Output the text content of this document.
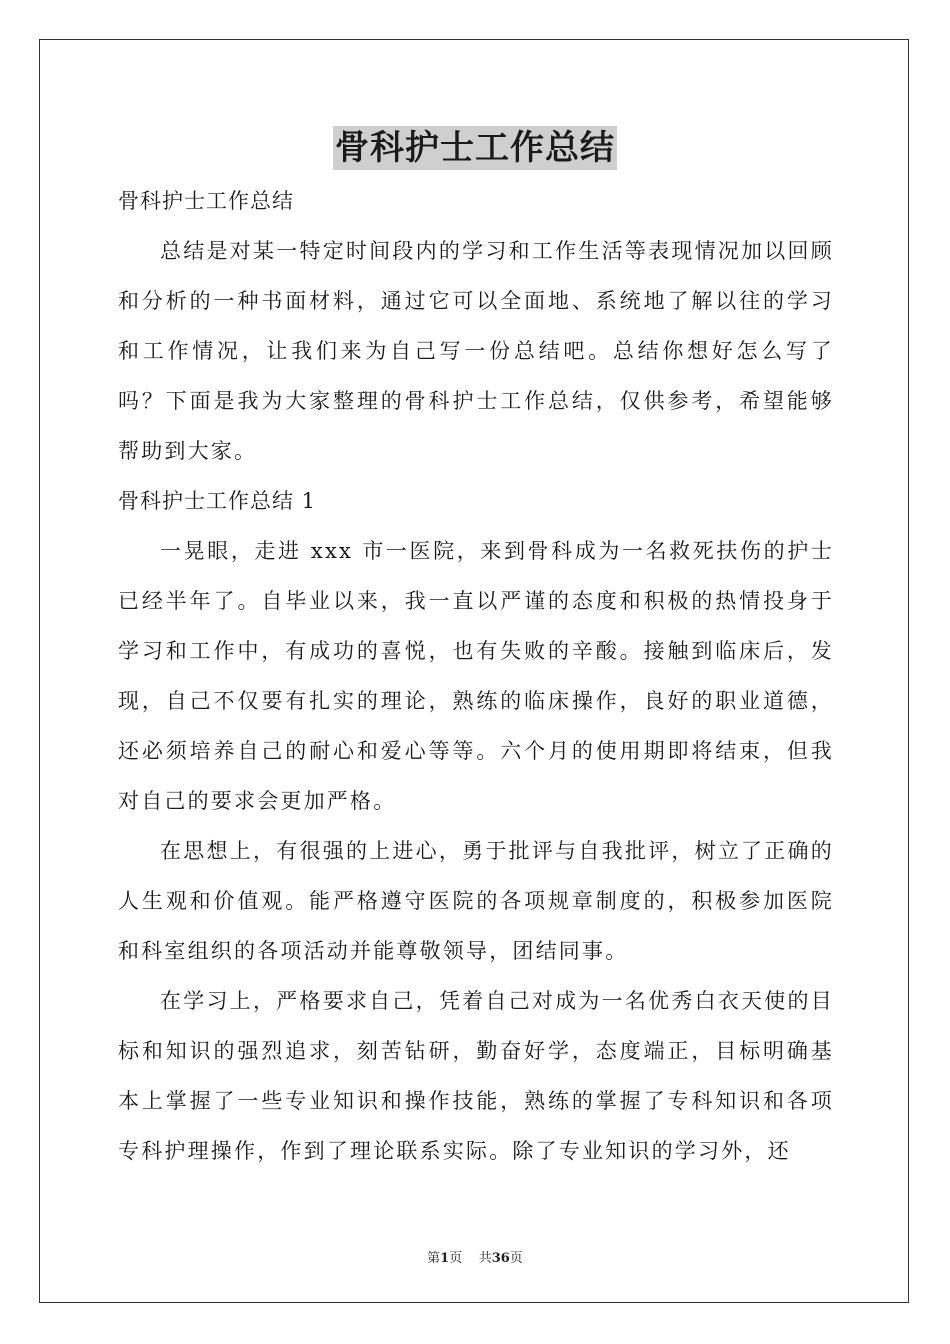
骨科护士工作总结

骨科护士工作总结

总结是对某一特定时间段内的学习和工作生活等表现情况加以回顾和分析的一种书面材料，通过它可以全面地、系统地了解以往的学习和工作情况，让我们来为自己写一份总结吧。总结你想好怎么写了吗？下面是我为大家整理的骨科护士工作总结，仅供参考，希望能够帮助到大家。

骨科护士工作总结 1

一晃眼，走进 xxx 市一医院，来到骨科成为一名救死扶伤的护士已经半年了。自毕业以来，我一直以严谨的态度和积极的热情投身于学习和工作中，有成功的喜悦，也有失败的辛酸。接触到临床后，发现，自己不仅要有扎实的理论，熟练的临床操作，良好的职业道德，还必须培养自己的耐心和爱心等等。六个月的使用期即将结束，但我对自己的要求会更加严格。

在思想上，有很强的上进心，勇于批评与自我批评，树立了正确的人生观和价值观。能严格遵守医院的各项规章制度的，积极参加医院和科室组织的各项活动并能尊敬领导，团结同事。

在学习上，严格要求自己，凭着自己对成为一名优秀白衣天使的目标和知识的强烈追求，刻苦钻研，勤奋好学，态度端正，目标明确基本上掌握了一些专业知识和操作技能，熟练的掌握了专科知识和各项专科护理操作，作到了理论联系实际。除了专业知识的学习外，还

第1页 共36页
